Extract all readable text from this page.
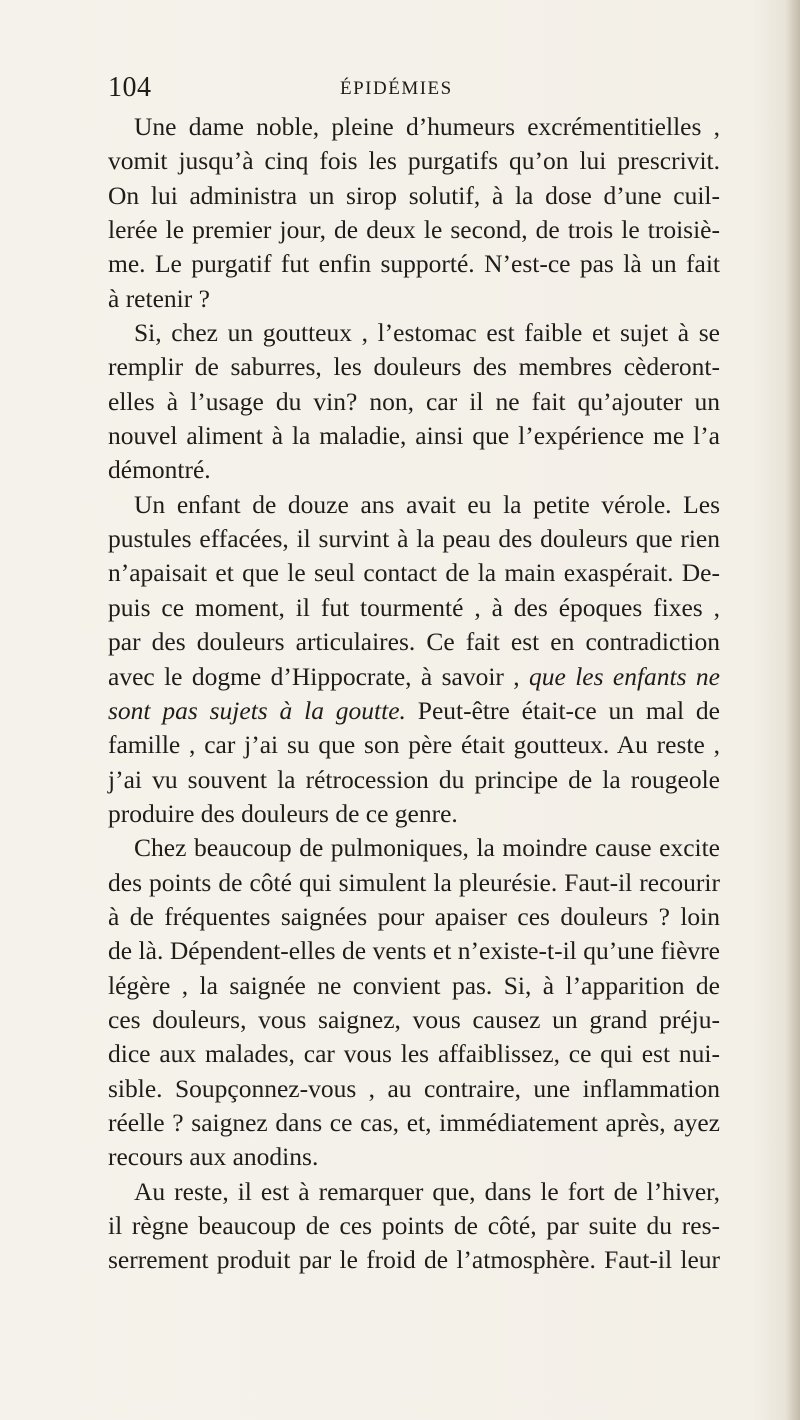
104	ÉPIDÉMIES
Une dame noble, pleine d’humeurs excrémentitielles ,
vomit jusqu’à cinq fois les purgatifs qu’on lui prescrivit.
On lui administra un sirop solutif, à la dose d’une cuil-
lerée le premier jour, de deux le second, de trois le troisiè-
me. Le purgatif fut enfin supporté. N’est-ce pas là un fait
à retenir ?
Si, chez un goutteux , l’estomac est faible et sujet à se
remplir de saburres, les douleurs des membres cèderont-
elles à l’usage du vin? non, car il ne fait qu’ajouter un
nouvel aliment à la maladie, ainsi que l’expérience me l’a
démontré.
Un enfant de douze ans avait eu la petite vérole. Les
pustules effacées, il survint à la peau des douleurs que rien
n’apaisait et que le seul contact de la main exaspérait. De-
puis ce moment, il fut tourmenté , à des époques fixes ,
par des douleurs articulaires. Ce fait est en contradiction
avec le dogme d’Hippocrate, à savoir , que les enfants ne
sont pas sujets à la goutte. Peut-être était-ce un mal de
famille , car j’ai su que son père était goutteux. Au reste ,
j’ai vu souvent la rétrocession du principe de la rougeole
produire des douleurs de ce genre.
Chez beaucoup de pulmoniques, la moindre cause excite
des points de côté qui simulent la pleurésie. Faut-il recourir
à de fréquentes saignées pour apaiser ces douleurs ? loin
de là. Dépendent-elles de vents et n’existe-t-il qu’une fièvre
légère , la saignée ne convient pas. Si, à l’apparition de
ces douleurs, vous saignez, vous causez un grand préju-
dice aux malades, car vous les affaiblissez, ce qui est nui-
sible. Soupçonnez-vous , au contraire, une inflammation
réelle ? saignez dans ce cas, et, immédiatement après, ayez
recours aux anodins.
Au reste, il est à remarquer que, dans le fort de l’hiver,
il règne beaucoup de ces points de côté, par suite du res-
serrement produit par le froid de l’atmosphère. Faut-il leur
